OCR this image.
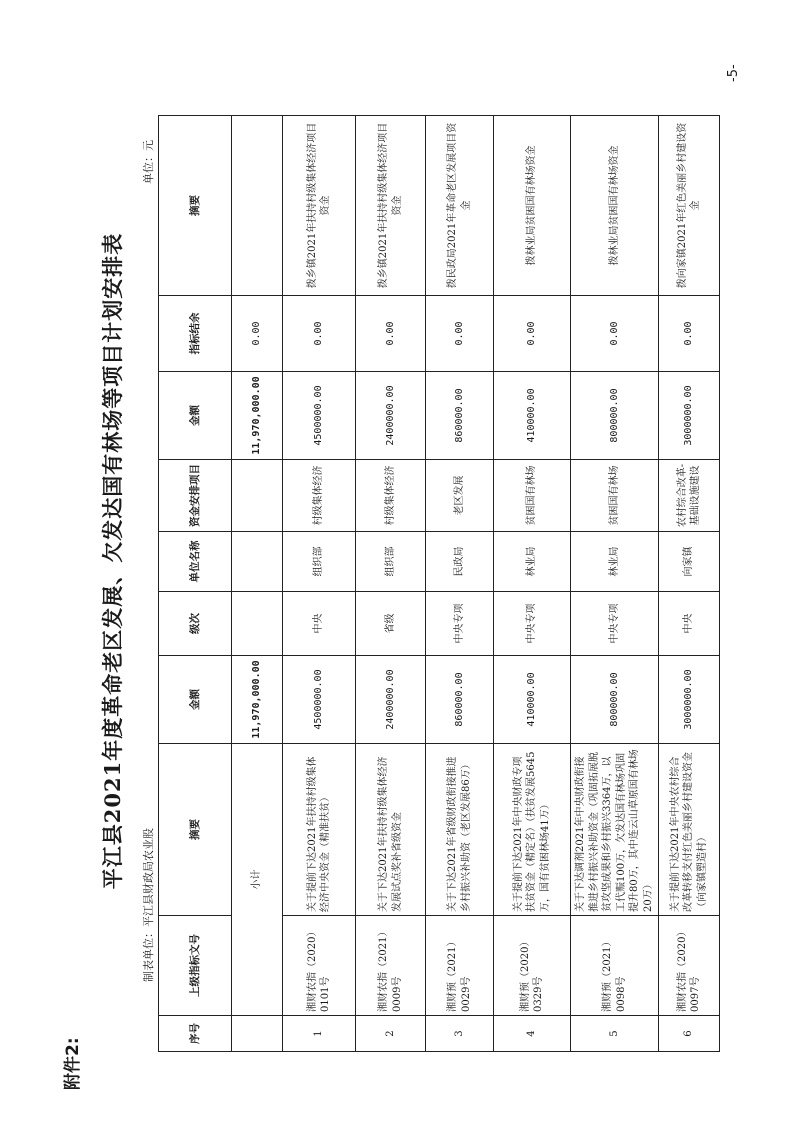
附件2:
平江县2021年度革命老区发展、欠发达国有林场等项目计划安排表
制表单位：平江县财政局农业股
单位：元
-5-
序号	上级指标文号	摘要	金额	级次	单位名称	资金安排项目	金额	指标结余	摘要
	小计		11,970,000.00				11,970,000.00	0.00	
1	湘财农指（2020）0101号	关于提前下达2021年扶持村级集体经济中央资金（精准扶贫）	4500000.00	中央	组织部	村级集体经济	4500000.00	0.00	拨乡镇2021年扶持村级集体经济项目资金
2	湘财农指（2021）0009号	关于下达2021年扶持村级集体经济发展试点奖补省级资金	2400000.00	省级	组织部	村级集体经济	2400000.00	0.00	拨乡镇2021年扶持村级集体经济项目资金
3	湘财预（2021）0029号	关于下达2021年省级财政衔接推进乡村振兴补助资（老区发展86万）	860000.00	中央专项	民政局	老区发展	860000.00	0.00	拨民政局2021年革命老区发展项目资金
4	湘财预（2020）0329号	关于提前下达2021年中央财政专项扶贫资金（精定名）（扶贫发展5645万，国有贫困林场41万）	410000.00	中央专项	林业局	贫困国有林场	410000.00	0.00	拨林业局贫困国有林场资金
5	湘财预（2021）0098号	关于下达调剂2021年中央财政衔接推进乡村振兴补助资金（巩固拓展脱贫攻坚成果和乡村振兴3364万，以工代赈100万，欠发达国有林场巩固提升80万，其中连云山草原国有林场20万）	800000.00	中央专项	林业局	贫困国有林场	800000.00	0.00	拨林业局贫困国有林场资金
6	湘财农指（2020）0097号	关于提前下达2021年中央农村综合改革转移支付红色美丽乡村建设资金（向家镇塑造村）	3000000.00	中央	向家镇	农村综合改革-基础设施建设	3000000.00	0.00	拨向家镇2021年红色美丽乡村建设资金
